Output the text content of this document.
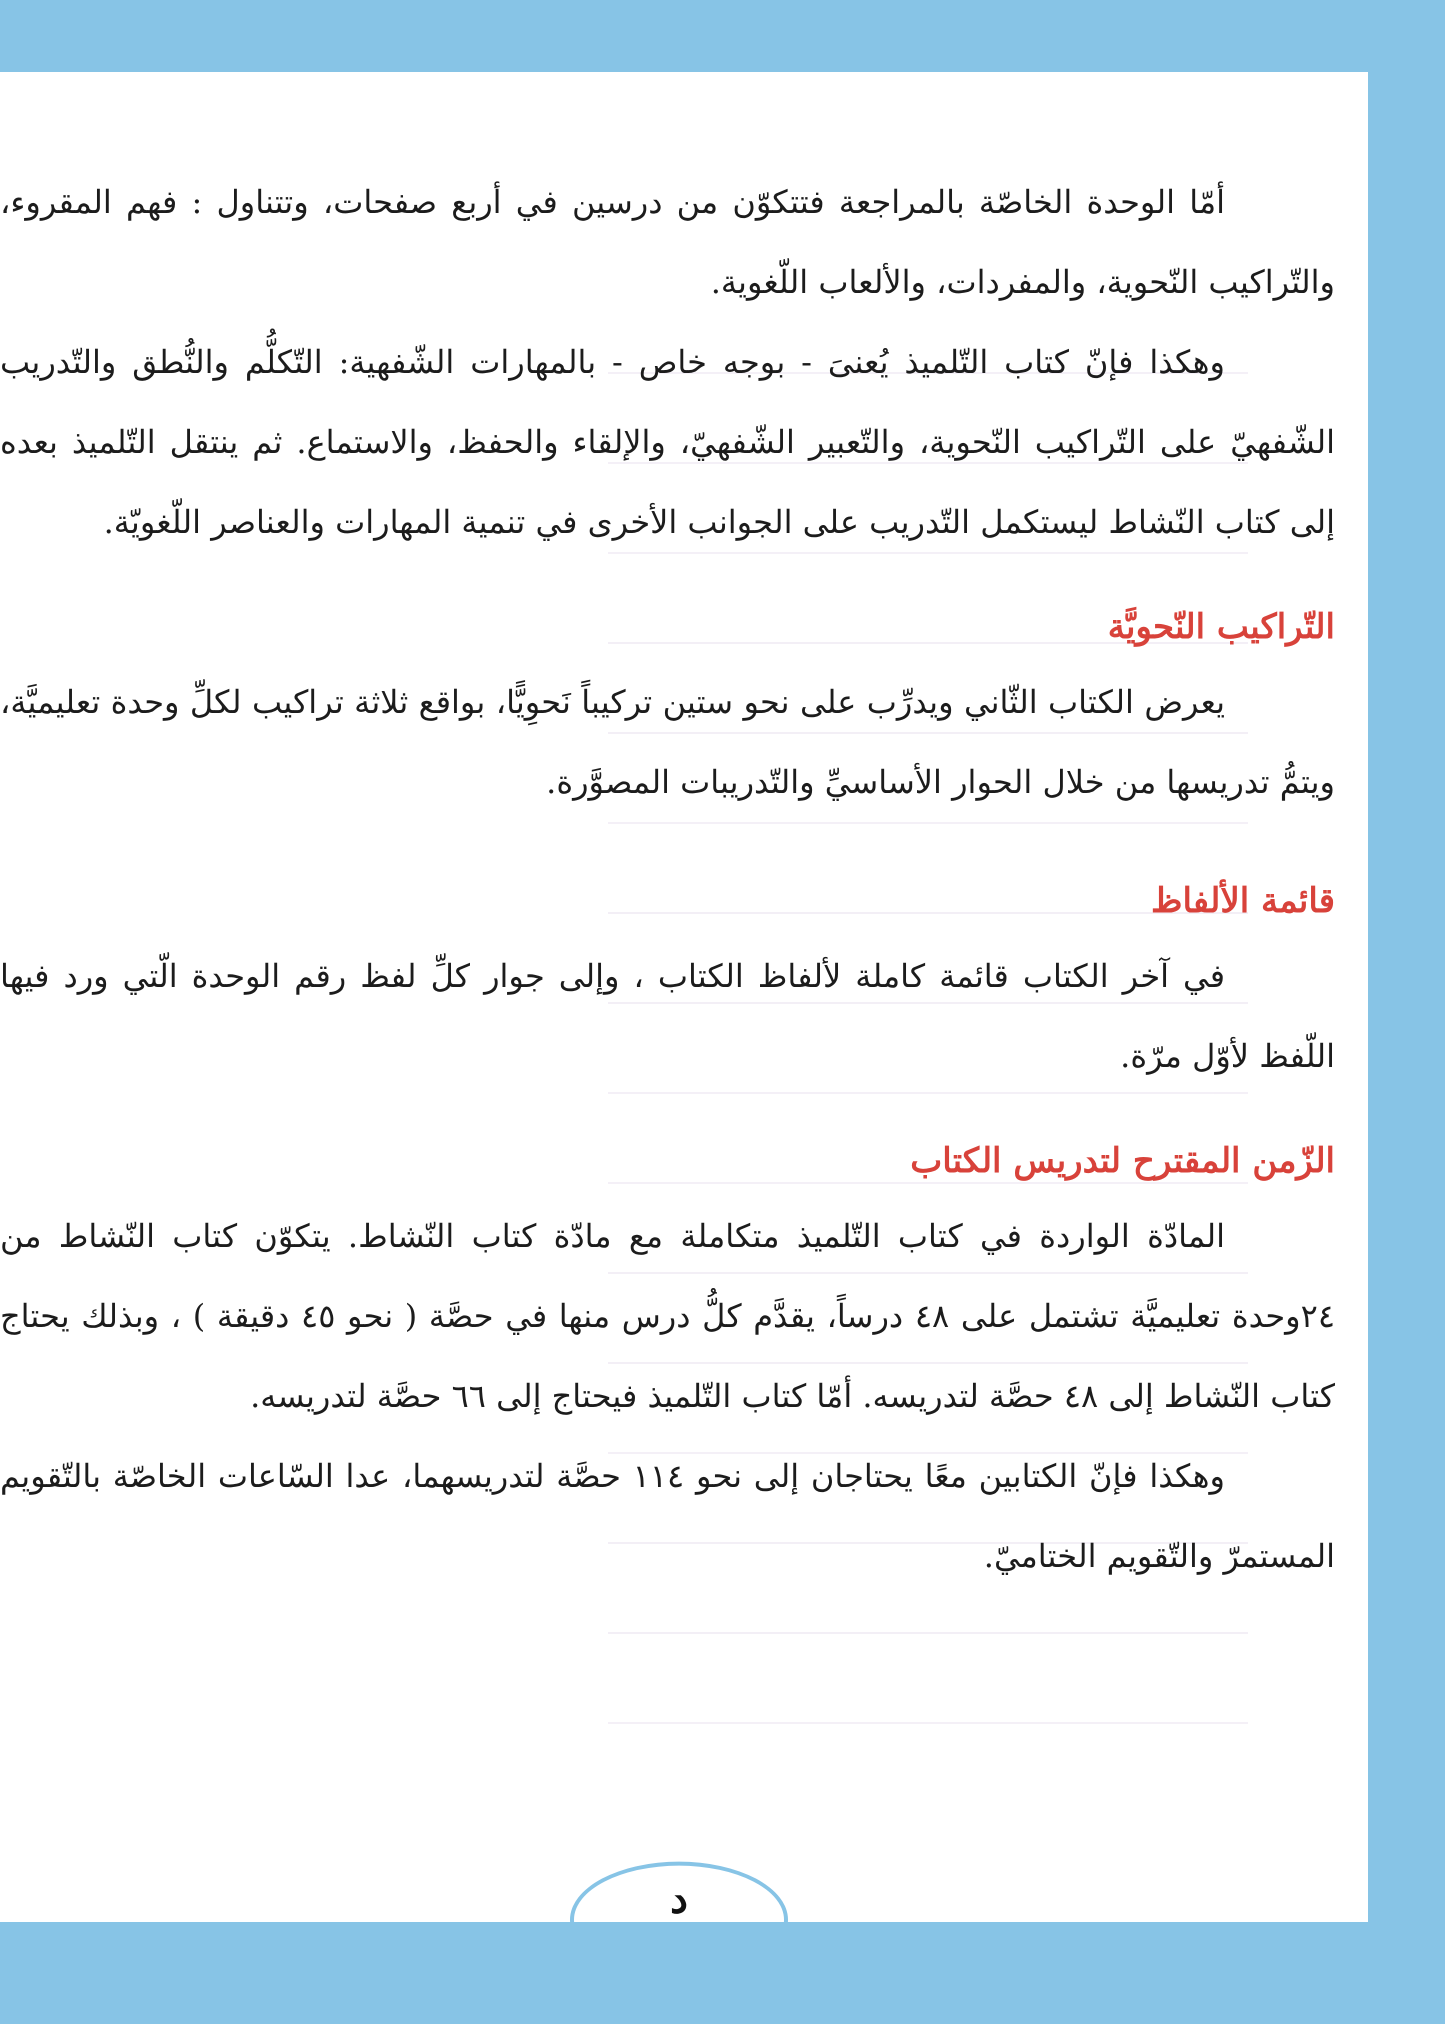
أمّا الوحدة الخاصّة بالمراجعة فتتكوّن من درسين في أربع صفحات، وتتناول : فهم المقروء، والتّراكيب النّحوية، والمفردات، والألعاب اللّغوية.

وهكذا فإنّ كتاب التّلميذ يُعنىَ - بوجه خاص - بالمهارات الشّفهية: التّكلُّم والنُّطق والتّدريب الشّفهيّ على التّراكيب النّحوية، والتّعبير الشّفهيّ، والإلقاء والحفظ، والاستماع. ثم ينتقل التّلميذ بعده إلى كتاب النّشاط ليستكمل التّدريب على الجوانب الأخرى في تنمية المهارات والعناصر اللّغويّة.

التّراكيب النّحويَّة

يعرض الكتاب الثّاني ويدرِّب على نحو ستين تركيباً نَحوِيًّا، بواقع ثلاثة تراكيب لكلِّ وحدة تعليميَّة، ويتمُّ تدريسها من خلال الحوار الأساسيِّ والتّدريبات المصوَّرة.

قائمة الألفاظ

في آخر الكتاب قائمة كاملة لألفاظ الكتاب ، وإلى جوار كلِّ لفظ رقم الوحدة الّتي ورد فيها اللّفظ لأوّل مرّة.

الزّمن المقترح لتدريس الكتاب

المادّة الواردة في كتاب التّلميذ متكاملة مع مادّة كتاب النّشاط. يتكوّن كتاب النّشاط من ٢٤وحدة تعليميَّة تشتمل على ٤٨ درساً، يقدَّم كلُّ درس منها في حصَّة ( نحو ٤٥ دقيقة ) ، وبذلك يحتاج كتاب النّشاط إلى ٤٨ حصَّة لتدريسه. أمّا كتاب التّلميذ فيحتاج إلى ٦٦ حصَّة لتدريسه.

وهكذا فإنّ الكتابين معًا يحتاجان إلى نحو ١١٤ حصَّة لتدريسهما، عدا السّاعات الخاصّة بالتّقويم المستمرّ والتّقويم الختاميّ.

د
